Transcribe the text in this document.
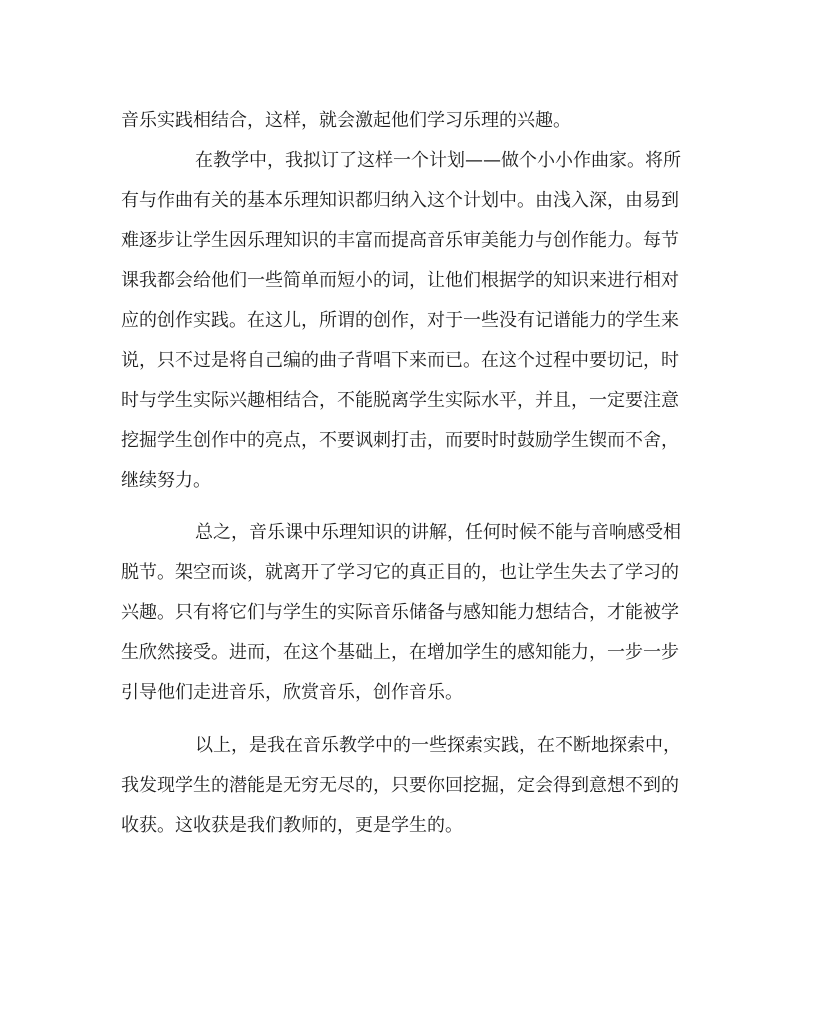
音乐实践相结合，这样，就会激起他们学习乐理的兴趣。

在教学中，我拟订了这样一个计划——做个小小作曲家。将所

有与作曲有关的基本乐理知识都归纳入这个计划中。由浅入深，由易到

难逐步让学生因乐理知识的丰富而提高音乐审美能力与创作能力。每节

课我都会给他们一些简单而短小的词，让他们根据学的知识来进行相对

应的创作实践。在这儿，所谓的创作，对于一些没有记谱能力的学生来

说，只不过是将自己编的曲子背唱下来而已。在这个过程中要切记，时

时与学生实际兴趣相结合，不能脱离学生实际水平，并且，一定要注意

挖掘学生创作中的亮点，不要讽刺打击，而要时时鼓励学生锲而不舍，

继续努力。

总之，音乐课中乐理知识的讲解，任何时候不能与音响感受相

脱节。架空而谈，就离开了学习它的真正目的，也让学生失去了学习的

兴趣。只有将它们与学生的实际音乐储备与感知能力想结合，才能被学

生欣然接受。进而，在这个基础上，在增加学生的感知能力，一步一步

引导他们走进音乐，欣赏音乐，创作音乐。

以上，是我在音乐教学中的一些探索实践，在不断地探索中，

我发现学生的潜能是无穷无尽的，只要你回挖掘，定会得到意想不到的

收获。这收获是我们教师的，更是学生的。
